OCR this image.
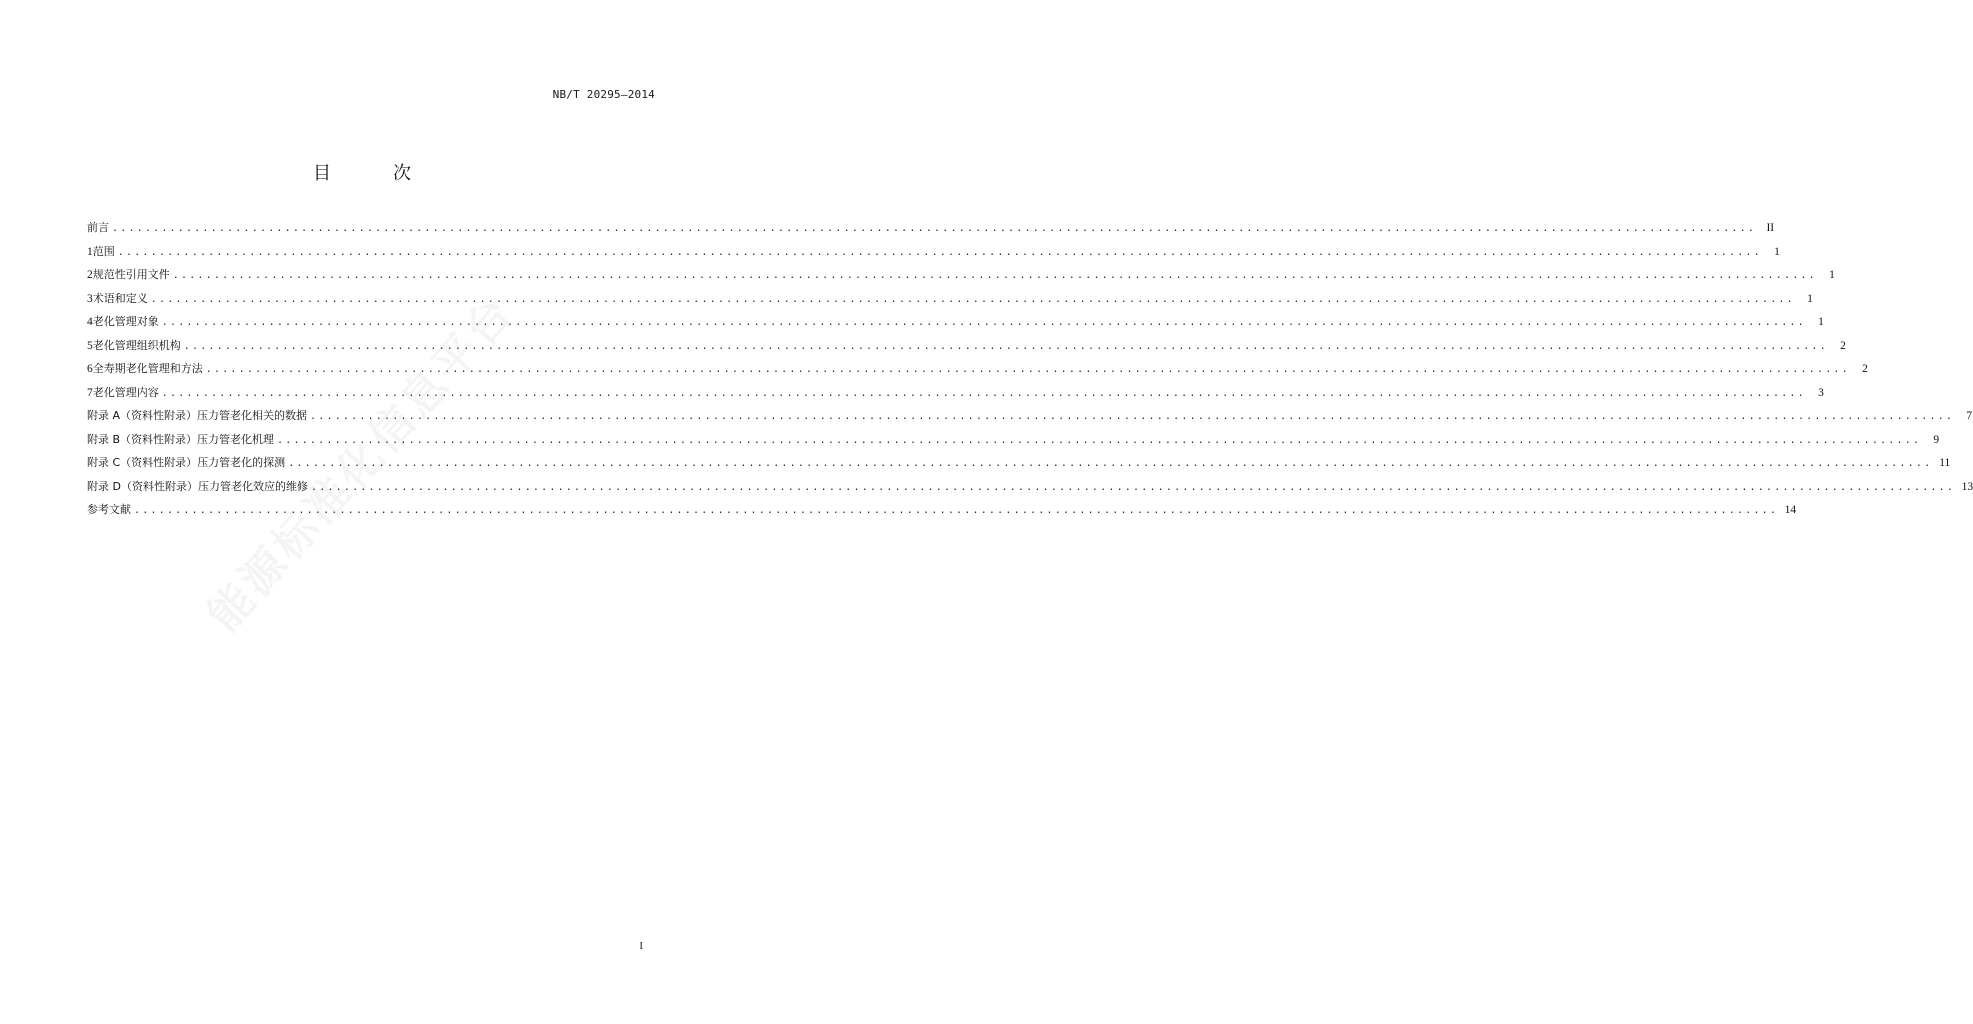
NB/T 20295—2014
目　次
前言 ........................................................................................................................................................................................................ II
1 范围 ........................................................................................................................................................................................................	1
2 规范性引用文件 ........................................................................................................................................................................................................	1
3 术语和定义 ........................................................................................................................................................................................................	1
4 老化管理对象 ........................................................................................................................................................................................................	1
5 老化管理组织机构 ........................................................................................................................................................................................................	2
6 全寿期老化管理和方法 ........................................................................................................................................................................................................	2
7 老化管理内容 ........................................................................................................................................................................................................	3
附录 A（资料性附录） 压力管老化相关的数据 ........................................................................................................................................................................................................	7
附录 B（资料性附录） 压力管老化机理 ........................................................................................................................................................................................................	9
附录 C（资料性附录） 压力管老化的探测 ........................................................................................................................................................................................................ 11
附录 D（资料性附录） 压力管老化效应的维修 ........................................................................................................................................................................................................ 13
参考文献 ........................................................................................................................................................................................................ 14
I
